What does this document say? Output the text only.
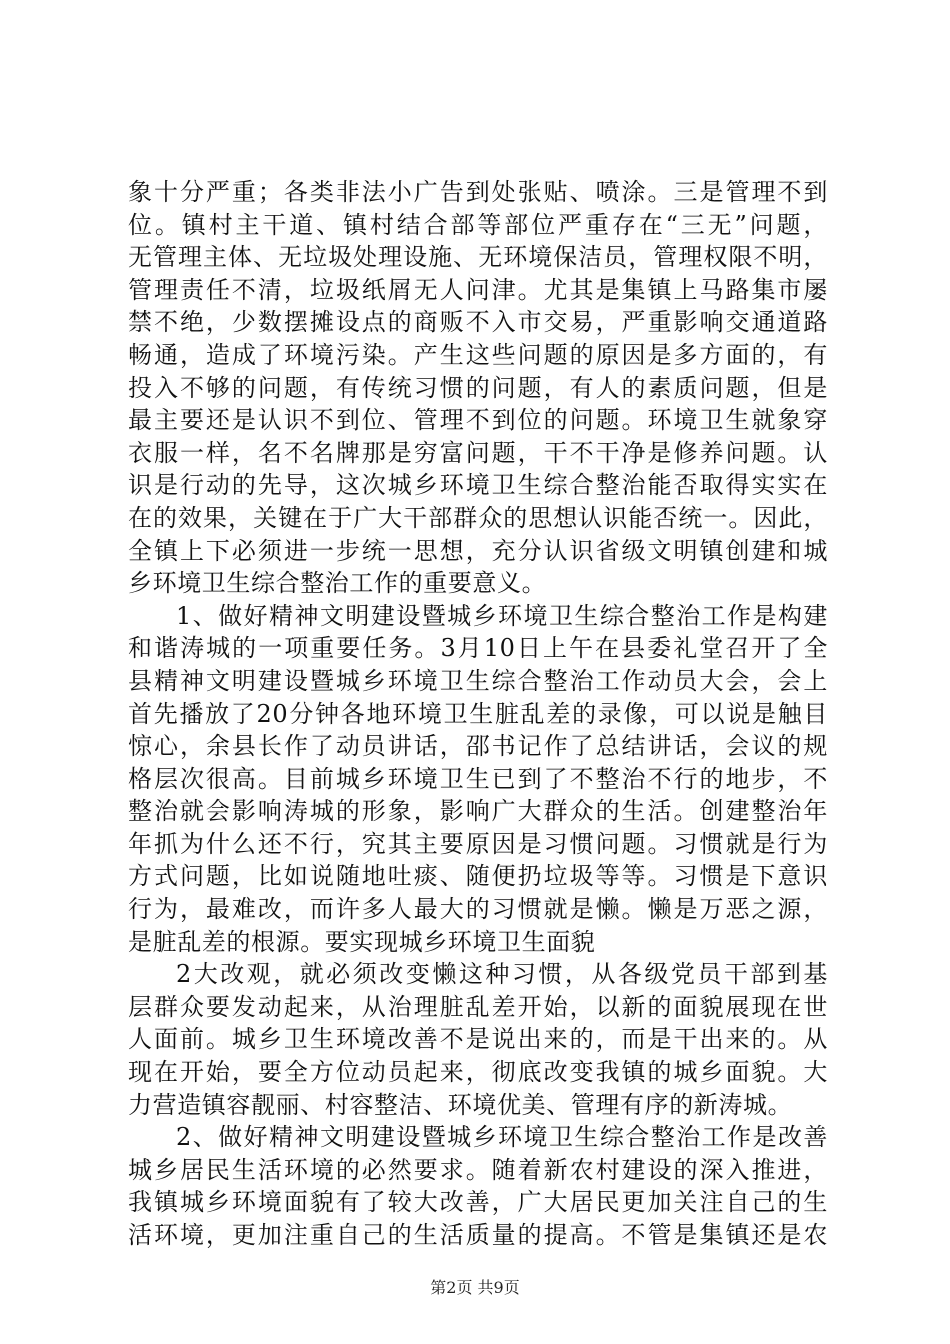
象十分严重；各类非法小广告到处张贴、喷涂。三是管理不到
位。镇村主干道、镇村结合部等部位严重存在“三无”问题，
无管理主体、无垃圾处理设施、无环境保洁员，管理权限不明，
管理责任不清，垃圾纸屑无人问津。尤其是集镇上马路集市屡
禁不绝，少数摆摊设点的商贩不入市交易，严重影响交通道路
畅通，造成了环境污染。产生这些问题的原因是多方面的，有
投入不够的问题，有传统习惯的问题，有人的素质问题，但是
最主要还是认识不到位、管理不到位的问题。环境卫生就象穿
衣服一样，名不名牌那是穷富问题，干不干净是修养问题。认
识是行动的先导，这次城乡环境卫生综合整治能否取得实实在
在的效果，关键在于广大干部群众的思想认识能否统一。因此，
全镇上下必须进一步统一思想，充分认识省级文明镇创建和城
乡环境卫生综合整治工作的重要意义。
1、做好精神文明建设暨城乡环境卫生综合整治工作是构建
和谐涛城的一项重要任务。3月10日上午在县委礼堂召开了全
县精神文明建设暨城乡环境卫生综合整治工作动员大会，会上
首先播放了20分钟各地环境卫生脏乱差的录像，可以说是触目
惊心，余县长作了动员讲话，邵书记作了总结讲话，会议的规
格层次很高。目前城乡环境卫生已到了不整治不行的地步，不
整治就会影响涛城的形象，影响广大群众的生活。创建整治年
年抓为什么还不行，究其主要原因是习惯问题。习惯就是行为
方式问题，比如说随地吐痰、随便扔垃圾等等。习惯是下意识
行为，最难改，而许多人最大的习惯就是懒。懒是万恶之源，
是脏乱差的根源。要实现城乡环境卫生面貌
2大改观，就必须改变懒这种习惯，从各级党员干部到基
层群众要发动起来，从治理脏乱差开始，以新的面貌展现在世
人面前。城乡卫生环境改善不是说出来的，而是干出来的。从
现在开始，要全方位动员起来，彻底改变我镇的城乡面貌。大
力营造镇容靓丽、村容整洁、环境优美、管理有序的新涛城。
2、做好精神文明建设暨城乡环境卫生综合整治工作是改善
城乡居民生活环境的必然要求。随着新农村建设的深入推进，
我镇城乡环境面貌有了较大改善，广大居民更加关注自己的生
活环境，更加注重自己的生活质量的提高。不管是集镇还是农
第2页 共9页
